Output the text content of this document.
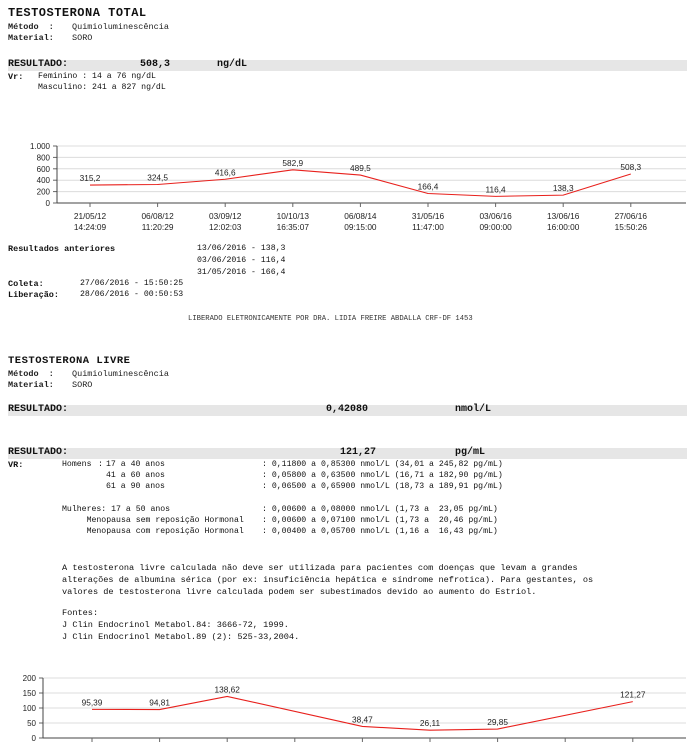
TESTOSTERONA TOTAL
Método  : Quimioluminescência
Material: SORO
RESULTADO:	508,3	ng/dL
Vr: Feminino : 14 a 76 ng/dL
Masculino: 241 a 827 ng/dL
0
200
400
600
800
1.000
21/05/12
14:24:09
06/08/12
11:20:29
03/09/12
12:02:03
10/10/13
16:35:07
06/08/14
09:15:00
31/05/16
11:47:00
03/06/16
09:00:00
13/06/16
16:00:00
27/06/16
15:50:26
315,2	324,5
416,6
582,9
489,5
166,4	116,4	138,3
508,3
Resultados anteriores	13/06/2016 - 138,3
03/06/2016 - 116,4
31/05/2016 - 166,4
Coleta:	27/06/2016 - 15:50:25
Liberação:	28/06/2016 - 00:50:53
LIBERADO ELETRONICAMENTE POR DRA. LIDIA FREIRE ABDALLA CRF-DF 1453
TESTOSTERONA LIVRE
Método  : Quimioluminescência
Material: SORO
RESULTADO:	0,42080	nmol/L
RESULTADO:	121,27	pg/mL
VR:	Homens : 17 a 40 anos	: 0,11800 a 0,85300 nmol/L (34,01 a 245,82 pg/mL)
41 a 60 anos	: 0,05800 a 0,63500 nmol/L (16,71 a 182,90 pg/mL)
61 a 90 anos	: 0,06500 a 0,65900 nmol/L (18,73 a 189,91 pg/mL)
Mulheres: 17 a 50 anos	: 0,00600 a 0,08000 nmol/L (1,73 a  23,05 pg/mL)
Menopausa sem reposição Hormonal : 0,00600 a 0,07100 nmol/L (1,73 a  20,46 pg/mL)
Menopausa com reposição Hormonal : 0,00400 a 0,05700 nmol/L (1,16 a  16,43 pg/mL)
A testosterona livre calculada não deve ser utilizada para pacientes com doenças que levam a grandes
alterações de albumina sérica (por ex: insuficiência hepática e síndrome nefrotica). Para gestantes, os
valores de testosterona livre calculada podem ser subestimados devido ao aumento do Estriol.
Fontes:
J Clin Endocrinol Metabol.84: 3666-72, 1999.
J Clin Endocrinol Metabol.89 (2): 525-33,2004.
0
50
100
150
200
95,39	94,81
138,62
38,47	26,11	29,85
121,27
